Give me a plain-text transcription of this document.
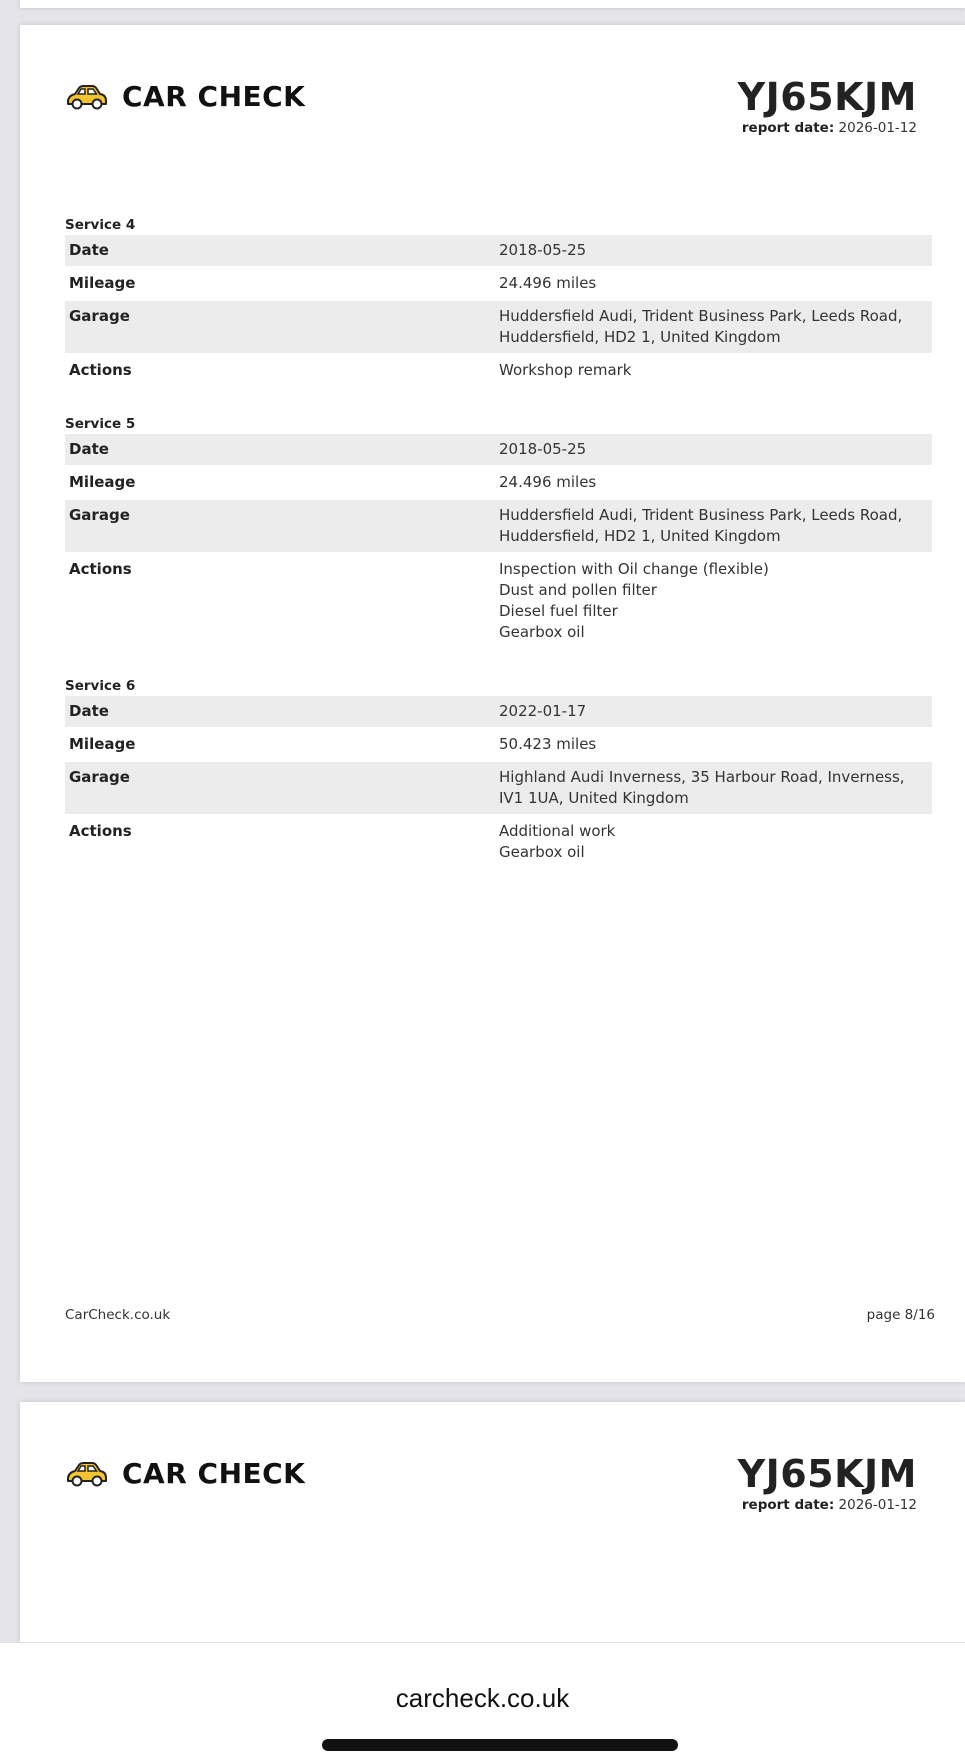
CAR CHECK	YJ65KJM
report date: 2026-01-12
Service 4
Date	2018-05-25
Mileage	24.496 miles
Garage	Huddersfield Audi, Trident Business Park, Leeds Road,
Huddersfield, HD2 1, United Kingdom
Actions	Workshop remark
Service 5
Date	2018-05-25
Mileage	24.496 miles
Garage	Huddersfield Audi, Trident Business Park, Leeds Road,
Huddersfield, HD2 1, United Kingdom
Actions	Inspection with Oil change (flexible)
Dust and pollen filter
Diesel fuel filter
Gearbox oil
Service 6
Date	2022-01-17
Mileage	50.423 miles
Garage	Highland Audi Inverness, 35 Harbour Road, Inverness,
IV1 1UA, United Kingdom
Actions	Additional work
Gearbox oil
CarCheck.co.uk	page 8/16
CAR CHECK	YJ65KJM
report date: 2026-01-12
carcheck.co.uk
